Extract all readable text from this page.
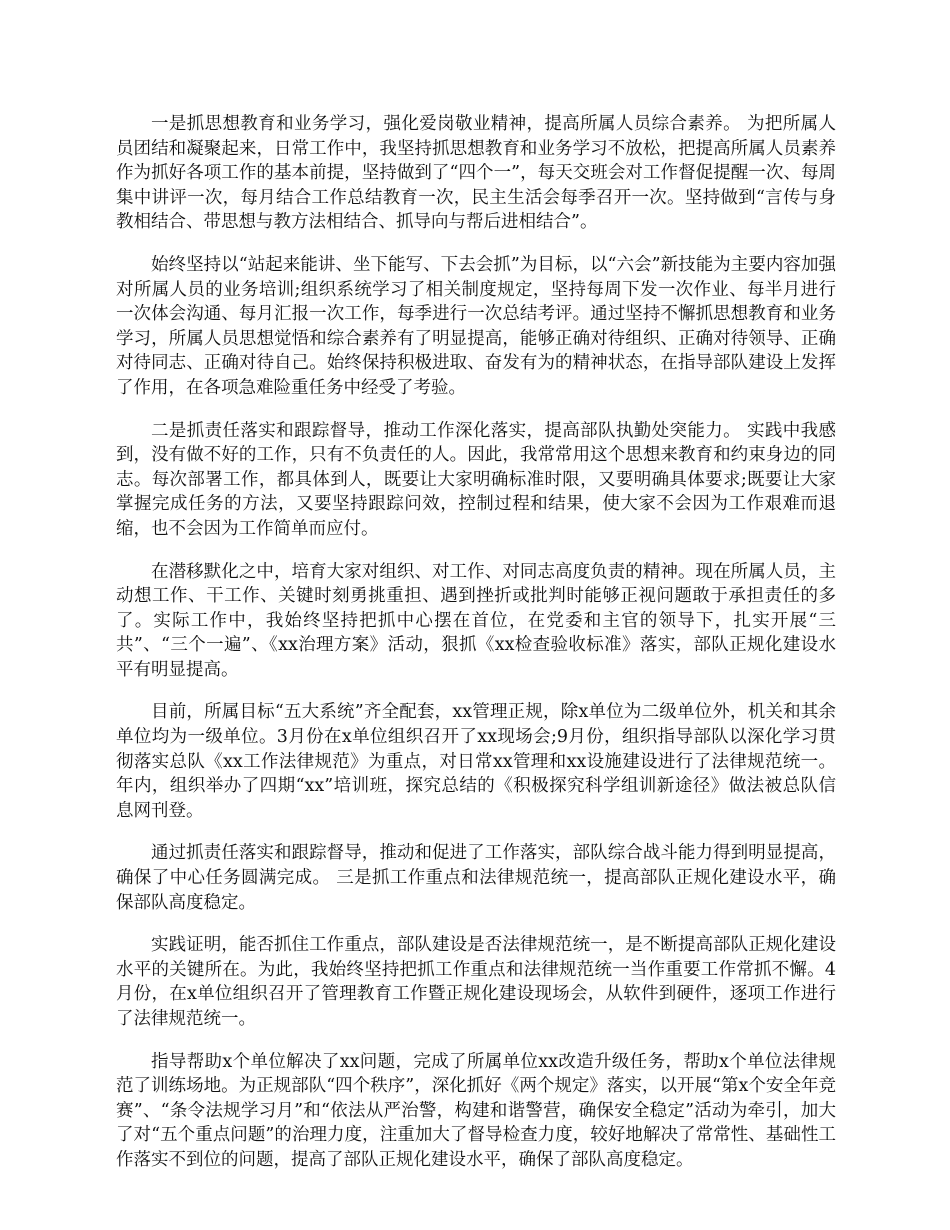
一是抓思想教育和业务学习，强化爱岗敬业精神，提高所属人员综合素养。 为把所属人员团结和凝聚起来，日常工作中，我坚持抓思想教育和业务学习不放松，把提高所属人员素养作为抓好各项工作的基本前提，坚持做到了“四个一”，每天交班会对工作督促提醒一次、每周集中讲评一次，每月结合工作总结教育一次，民主生活会每季召开一次。坚持做到“言传与身教相结合、带思想与教方法相结合、抓导向与帮后进相结合”。

始终坚持以“站起来能讲、坐下能写、下去会抓”为目标，以“六会”新技能为主要内容加强对所属人员的业务培训;组织系统学习了相关制度规定，坚持每周下发一次作业、每半月进行一次体会沟通、每月汇报一次工作，每季进行一次总结考评。通过坚持不懈抓思想教育和业务学习，所属人员思想觉悟和综合素养有了明显提高，能够正确对待组织、正确对待领导、正确对待同志、正确对待自己。始终保持积极进取、奋发有为的精神状态，在指导部队建设上发挥了作用，在各项急难险重任务中经受了考验。

二是抓责任落实和跟踪督导，推动工作深化落实，提高部队执勤处突能力。 实践中我感到，没有做不好的工作，只有不负责任的人。因此，我常常用这个思想来教育和约束身边的同志。每次部署工作，都具体到人，既要让大家明确标准时限，又要明确具体要求;既要让大家掌握完成任务的方法，又要坚持跟踪问效，控制过程和结果，使大家不会因为工作艰难而退缩，也不会因为工作简单而应付。

在潜移默化之中，培育大家对组织、对工作、对同志高度负责的精神。现在所属人员，主动想工作、干工作、关键时刻勇挑重担、遇到挫折或批判时能够正视问题敢于承担责任的多了。实际工作中，我始终坚持把抓中心摆在首位，在党委和主官的领导下，扎实开展“三共”、“三个一遍”、《xx治理方案》活动，狠抓《xx检查验收标准》落实，部队正规化建设水平有明显提高。

目前，所属目标“五大系统”齐全配套，xx管理正规，除x单位为二级单位外，机关和其余单位均为一级单位。3月份在x单位组织召开了xx现场会;9月份，组织指导部队以深化学习贯彻落实总队《xx工作法律规范》为重点，对日常xx管理和xx设施建设进行了法律规范统一。年内，组织举办了四期“xx”培训班，探究总结的《积极探究科学组训新途径》做法被总队信息网刊登。

通过抓责任落实和跟踪督导，推动和促进了工作落实，部队综合战斗能力得到明显提高，确保了中心任务圆满完成。 三是抓工作重点和法律规范统一，提高部队正规化建设水平，确保部队高度稳定。

实践证明，能否抓住工作重点，部队建设是否法律规范统一，是不断提高部队正规化建设水平的关键所在。为此，我始终坚持把抓工作重点和法律规范统一当作重要工作常抓不懈。4月份，在x单位组织召开了管理教育工作暨正规化建设现场会，从软件到硬件，逐项工作进行了法律规范统一。

指导帮助x个单位解决了xx问题，完成了所属单位xx改造升级任务，帮助x个单位法律规范了训练场地。为正规部队“四个秩序”，深化抓好《两个规定》落实，以开展“第x个安全年竞赛”、“条令法规学习月”和“依法从严治警，构建和谐警营，确保安全稳定”活动为牵引，加大了对“五个重点问题”的治理力度，注重加大了督导检查力度，较好地解决了常常性、基础性工作落实不到位的问题，提高了部队正规化建设水平，确保了部队高度稳定。
